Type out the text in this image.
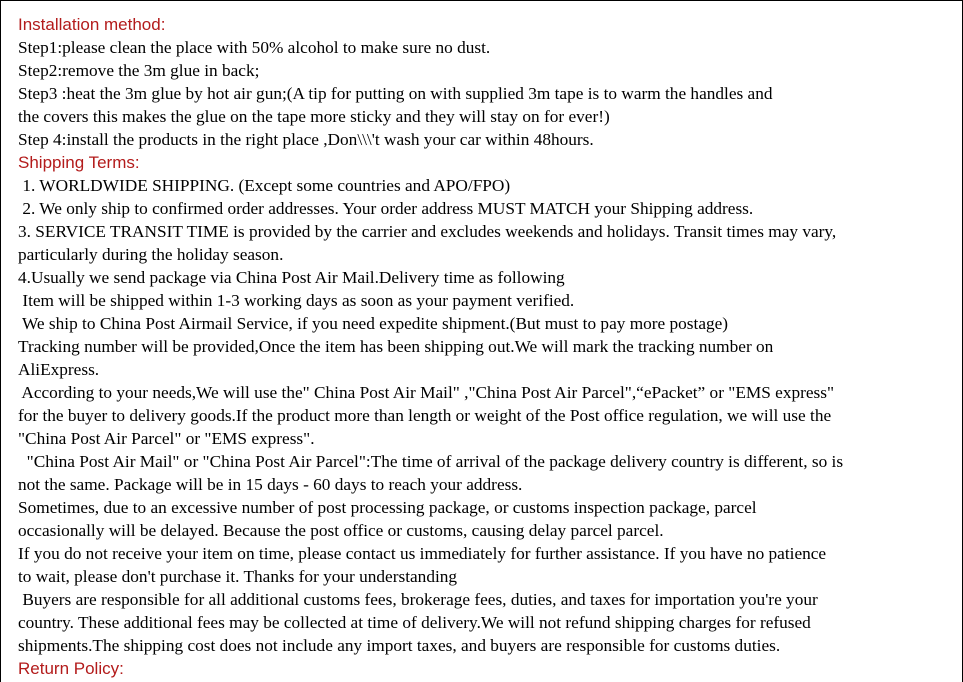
Installation method:
Step1:please clean the place with 50% alcohol to make sure no dust.
Step2:remove the 3m glue in back;
Step3 :heat the 3m glue by hot air gun;(A tip for putting on with supplied 3m tape is to warm the handles and
the covers this makes the glue on the tape more sticky and they will stay on for ever!)
Step 4:install the products in the right place ,Don\\\'t wash your car within 48hours.
Shipping Terms:
1. WORLDWIDE SHIPPING. (Except some countries and APO/FPO)
2. We only ship to confirmed order addresses. Your order address MUST MATCH your Shipping address.
3. SERVICE TRANSIT TIME is provided by the carrier and excludes weekends and holidays. Transit times may vary,
particularly during the holiday season.
4.Usually we send package via China Post Air Mail.Delivery time as following
Item will be shipped within 1-3 working days as soon as your payment verified.
We ship to China Post Airmail Service, if you need expedite shipment.(But must to pay more postage)
Tracking number will be provided,Once the item has been shipping out.We will mark the tracking number on
AliExpress.
According to your needs,We will use the" China Post Air Mail" ,"China Post Air Parcel",“ePacket” or "EMS express"
for the buyer to delivery goods.If the product more than length or weight of the Post office regulation, we will use the
"China Post Air Parcel" or "EMS express".
"China Post Air Mail" or "China Post Air Parcel":The time of arrival of the package delivery country is different, so is
not the same. Package will be in 15 days - 60 days to reach your address.
Sometimes, due to an excessive number of post processing package, or customs inspection package, parcel
occasionally will be delayed. Because the post office or customs, causing delay parcel parcel.
If you do not receive your item on time, please contact us immediately for further assistance. If you have no patience
to wait, please don't purchase it. Thanks for your understanding
Buyers are responsible for all additional customs fees, brokerage fees, duties, and taxes for importation you're your
country. These additional fees may be collected at time of delivery.We will not refund shipping charges for refused
shipments.The shipping cost does not include any import taxes, and buyers are responsible for customs duties.
Return Policy:
